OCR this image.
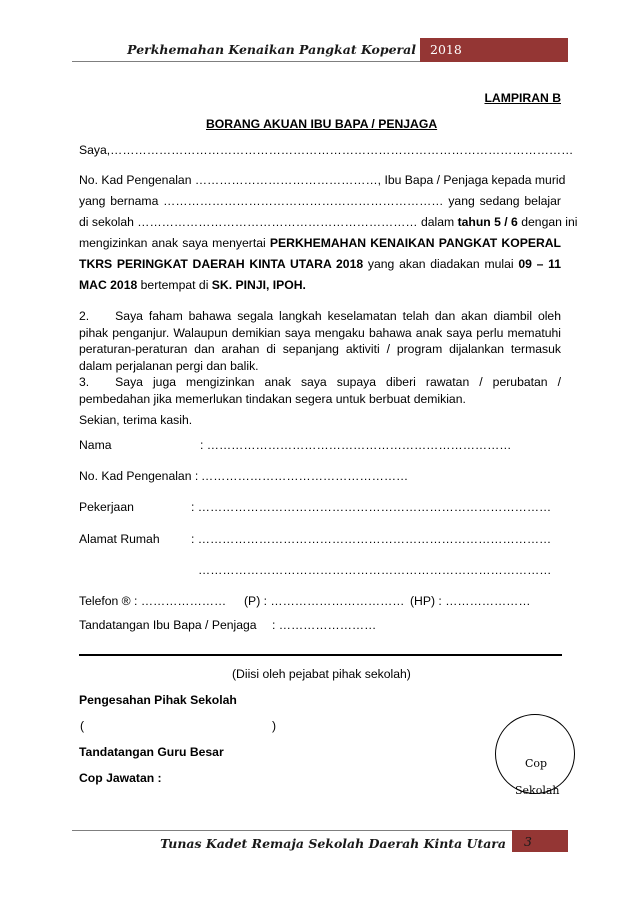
Perkhemahan Kenaikan Pangkat Koperal	2018
LAMPIRAN B
BORANG AKUAN IBU BAPA / PENJAGA
Saya,……………………………………………………………………………………………………
No. Kad Pengenalan ………………………………………, Ibu Bapa / Penjaga kepada murid
yang bernama …………………………………………………………… yang sedang belajar
di sekolah …………………………………………………………… dalam tahun 5 / 6 dengan ini
mengizinkan anak saya menyertai PERKHEMAHAN KENAIKAN PANGKAT KOPERAL
TKRS PERINGKAT DAERAH KINTA UTARA 2018 yang akan diadakan mulai 09 – 11
MAC 2018 bertempat di SK. PINJI, IPOH.
2. Saya faham bahawa segala langkah keselamatan telah dan akan diambil oleh pihak penganjur. Walaupun demikian saya mengaku bahawa anak saya perlu mematuhi peraturan-peraturan dan arahan di sepanjang aktiviti / program dijalankan termasuk dalam perjalanan pergi dan balik.
3. Saya juga mengizinkan anak saya supaya diberi rawatan / perubatan / pembedahan jika memerlukan tindakan segera untuk berbuat demikian.
Sekian, terima kasih.
Nama	: …………………………………………………………………
No. Kad Pengenalan : ……………………………………………
Pekerjaan	: ……………………………………………………………………………
Alamat Rumah	: ……………………………………………………………………………
……………………………………………………………………………
Telefon ® : ………………… (P) : …………………………… (HP) : …………………
Tandatangan Ibu Bapa / Penjaga : ……………………
(Diisi oleh pejabat pihak sekolah)
Pengesahan Pihak Sekolah
(	)
Tandatangan Guru Besar
Cop Jawatan :
Cop
Sekolah
Tunas Kadet Remaja Sekolah Daerah Kinta Utara	3
